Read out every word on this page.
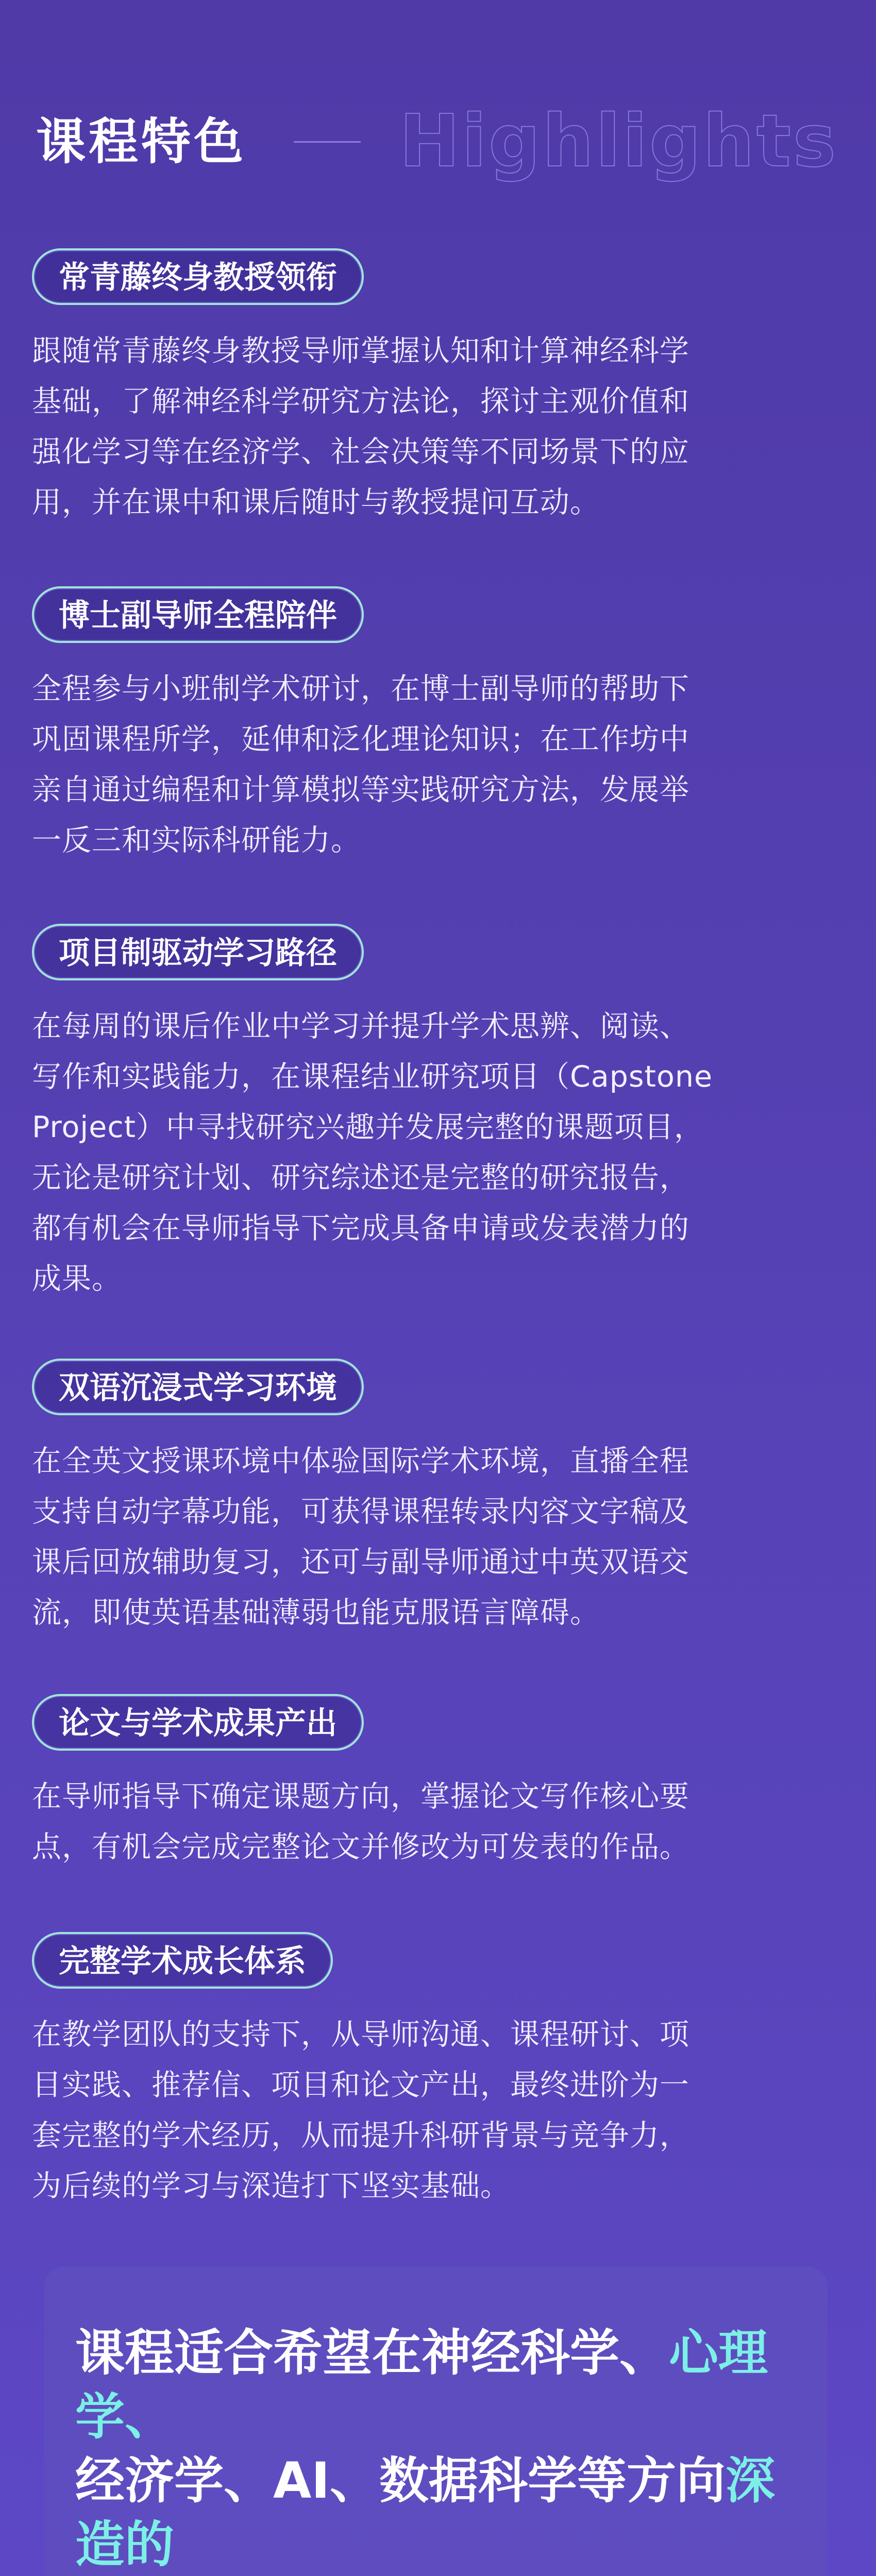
课程特色 Highlights
常青藤终身教授领衔
跟随常青藤终身教授导师掌握认知和计算神经科学
基础，了解神经科学研究方法论，探讨主观价值和
强化学习等在经济学、社会决策等不同场景下的应
用，并在课中和课后随时与教授提问互动。
博士副导师全程陪伴
全程参与小班制学术研讨，在博士副导师的帮助下
巩固课程所学，延伸和泛化理论知识；在工作坊中
亲自通过编程和计算模拟等实践研究方法，发展举
一反三和实际科研能力。
项目制驱动学习路径
在每周的课后作业中学习并提升学术思辨、阅读、
写作和实践能力，在课程结业研究项目（Capstone
Project）中寻找研究兴趣并发展完整的课题项目，
无论是研究计划、研究综述还是完整的研究报告，
都有机会在导师指导下完成具备申请或发表潜力的
成果。
双语沉浸式学习环境
在全英文授课环境中体验国际学术环境，直播全程
支持自动字幕功能，可获得课程转录内容文字稿及
课后回放辅助复习，还可与副导师通过中英双语交
流，即使英语基础薄弱也能克服语言障碍。
论文与学术成果产出
在导师指导下确定课题方向，掌握论文写作核心要
点，有机会完成完整论文并修改为可发表的作品。
完整学术成长体系
在教学团队的支持下，从导师沟通、课程研讨、项
目实践、推荐信、项目和论文产出，最终进阶为一
套完整的学术经历，从而提升科研背景与竞争力，
为后续的学习与深造打下坚实基础。
课程适合希望在神经科学、心理学、
经济学、AI、数据科学等方向深造的
